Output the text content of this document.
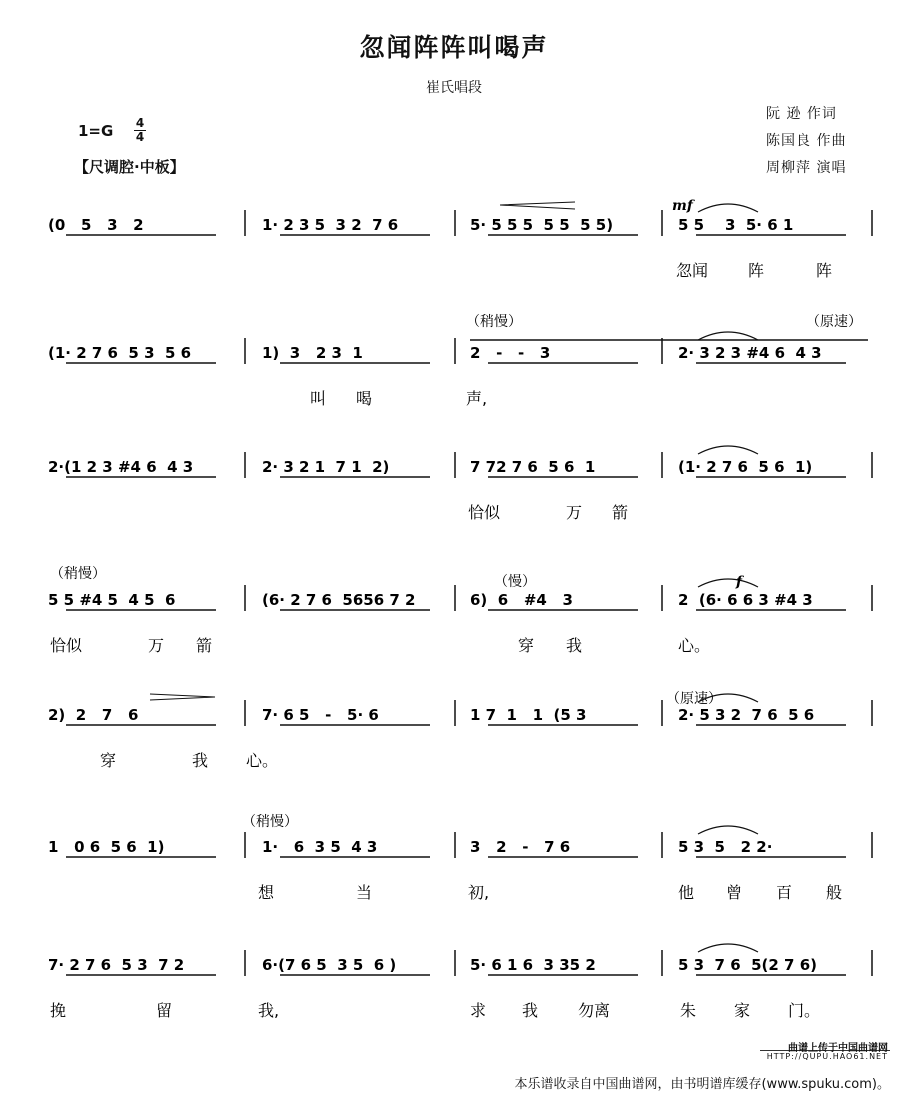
忽闻阵阵叫喝声
崔氏唱段
阮 逊 作词
陈国良 作曲
周柳萍 演唱
1=G 4
4
【尺调腔·中板】
(0   5   3   2	1· 2 3 5  3 2  7 6	5· 5 5 5  5 5  5 5)	5 5    3  5· 6 1
忽闻 阵	阵
mf
(1· 2 7 6  5 3  5 6	1)  3   2 3  1	2   -   -   3	2· 3 2 3 #4 6  4 3
叫 喝	声,
（稍慢）	（原速）
2·(1 2 3 #4 6  4 3	2· 3 2 1  7 1  2)	7 72 7 6  5 6  1	(1· 2 7 6  5 6  1)
恰似	万 箭
5 5 #4 5  4 5  6	(6· 2 7 6  5656 7 2	6)  6   #4   3	2  (6· 6 6 3 #4 3
恰似	万 箭	穿 我	心。
（稍慢）	（慢）	f
2)  2   7   6	7· 6 5   -   5· 6	1 7  1   1  (5 3	2· 5 3 2  7 6  5 6
穿	我 心。
（原速）
1   0 6  5 6  1)	1·   6  3 5  4 3	3   2   -   7 6	5 3  5   2 2·
想	当	初,	他 曾 百 般
（稍慢）
7· 2 7 6  5 3  7 2	6·(7 6 5  3 5  6 )	5· 6 1 6  3 35 2	5 3  7 6  5(2 7 6)
挽	留	我,	求 我 勿离	朱 家 门。
曲谱上传于中国曲谱网
HTTP://QUPU.HAO61.NET
本乐谱收录自中国曲谱网，由书明谱库缓存(www.spuku.com)。
